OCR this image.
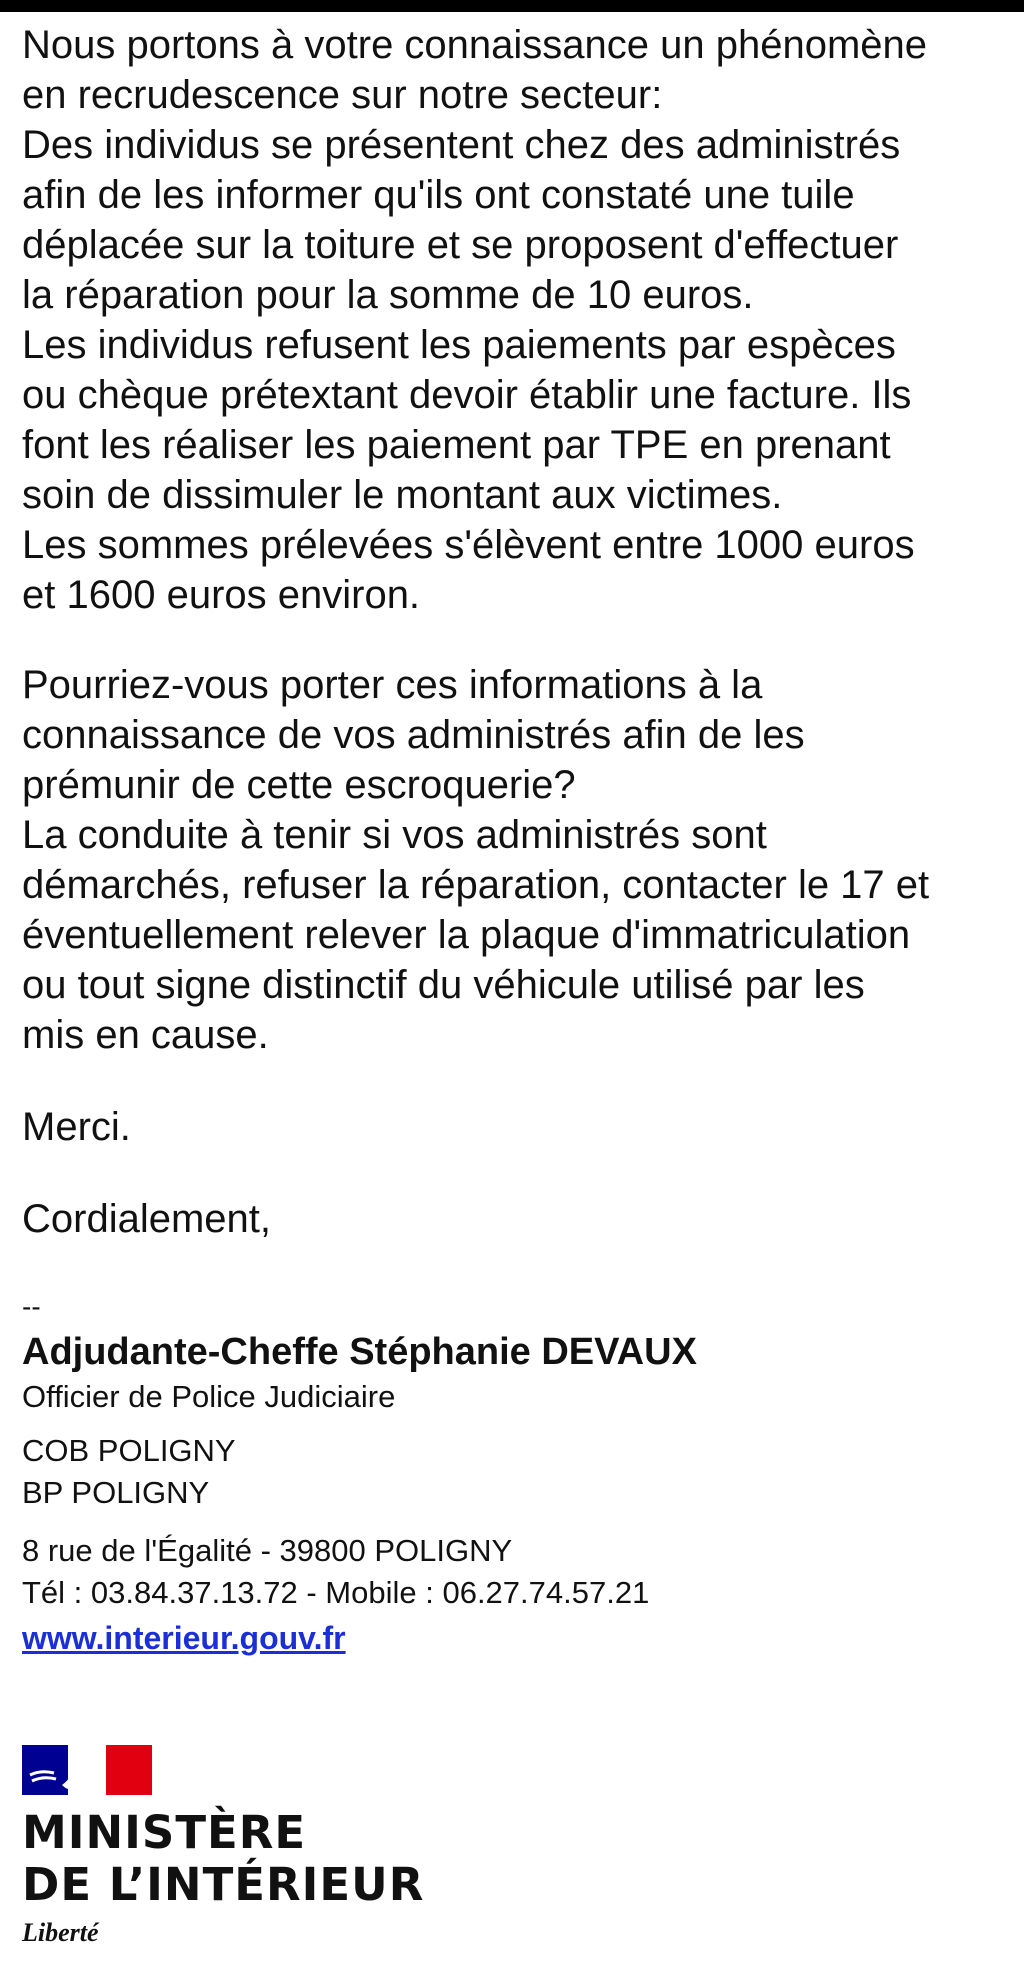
Nous portons à votre connaissance un phénomène
en recrudescence sur notre secteur:
Des individus se présentent chez des administrés
afin de les informer qu'ils ont constaté une tuile
déplacée sur la toiture et se proposent d'effectuer
la réparation pour la somme de 10 euros.
Les individus refusent les paiements par espèces
ou chèque prétextant devoir établir une facture. Ils
font les réaliser les paiement par TPE en prenant
soin de dissimuler le montant aux victimes.
Les sommes prélevées s'élèvent entre 1000 euros
et 1600 euros environ.

Pourriez-vous porter ces informations à la
connaissance de vos administrés afin de les
prémunir de cette escroquerie?
La conduite à tenir si vos administrés sont
démarchés, refuser la réparation, contacter le 17 et
éventuellement relever la plaque d'immatriculation
ou tout signe distinctif du véhicule utilisé par les
mis en cause.

Merci.

Cordialement,

--

Adjudante-Cheffe Stéphanie DEVAUX
Officier de Police Judiciaire
COB POLIGNY
BP POLIGNY
8 rue de l'Égalité - 39800 POLIGNY
Tél : 03.84.37.13.72 - Mobile : 06.27.74.57.21
www.interieur.gouv.fr
MINISTÈRE
DE L’INTÉRIEUR
Liberté
